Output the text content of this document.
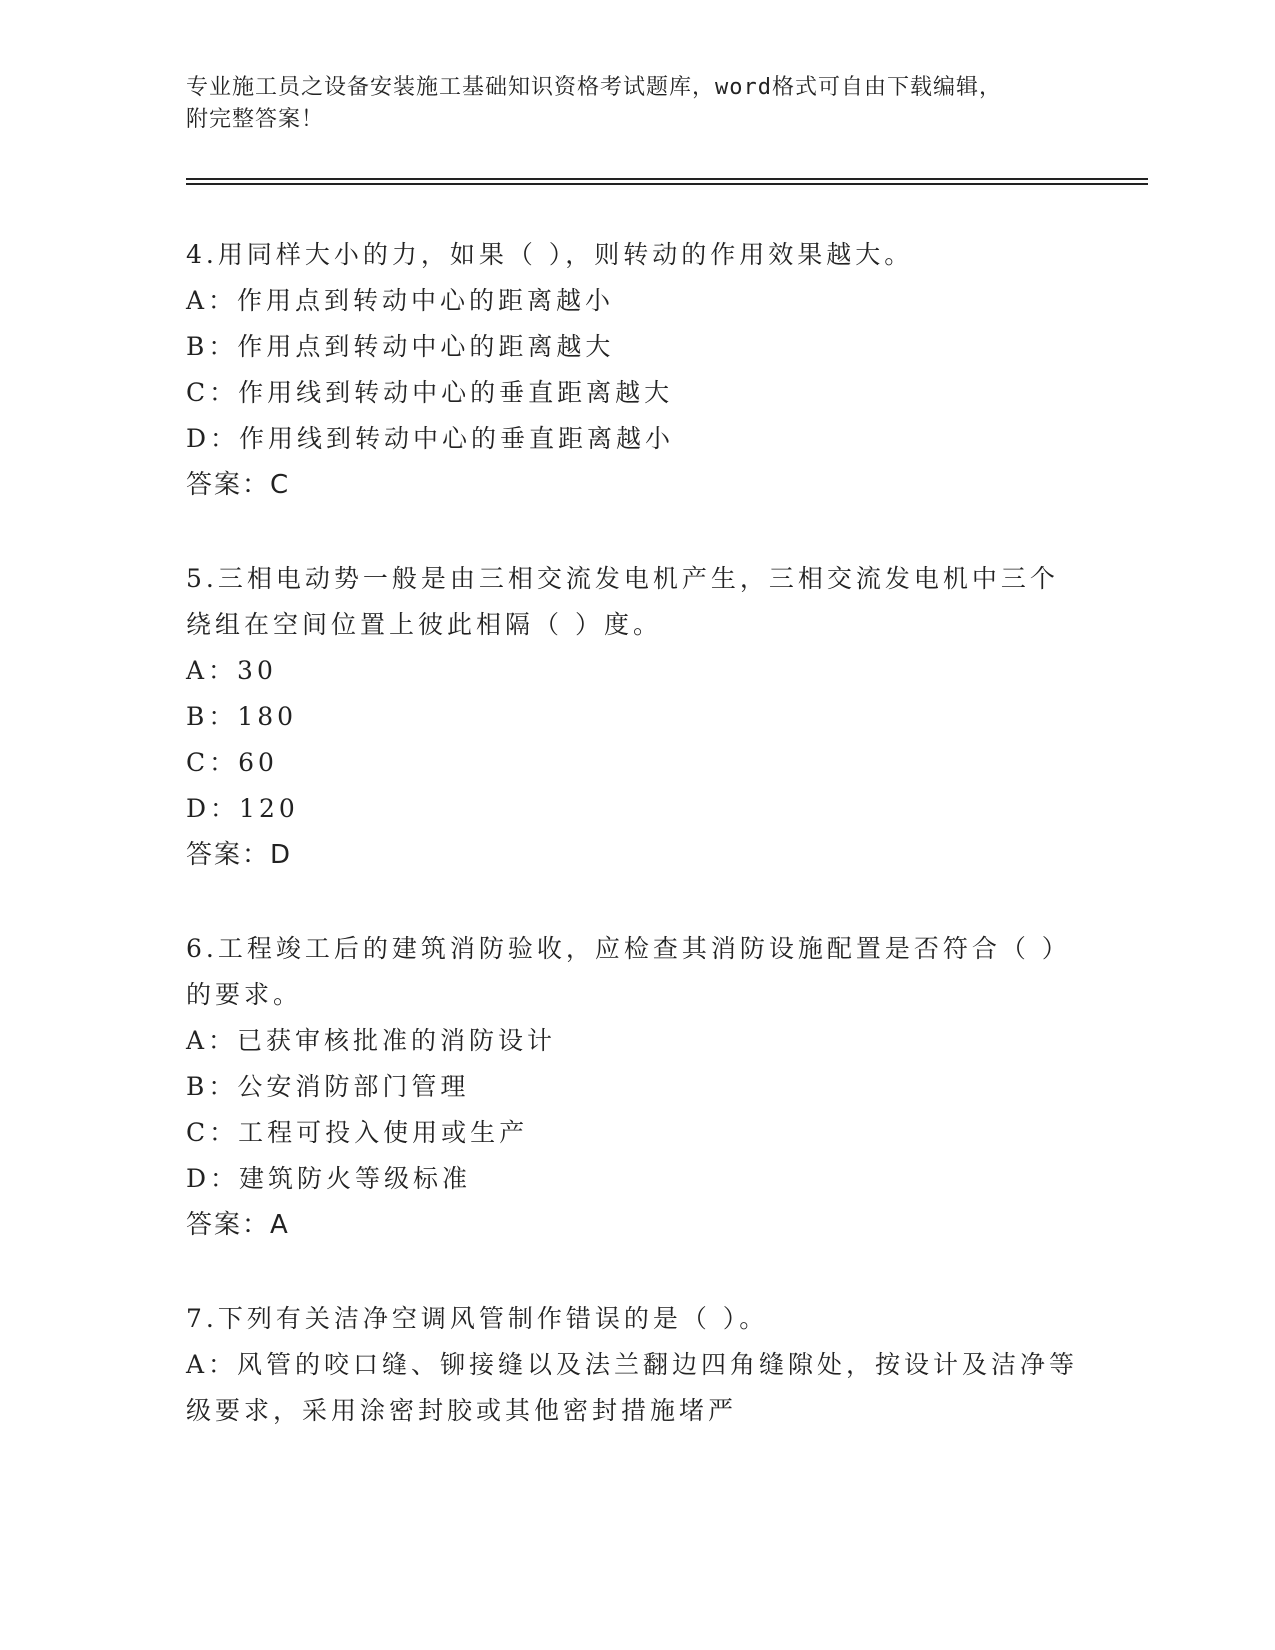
专业施工员之设备安装施工基础知识资格考试题库，word格式可自由下载编辑，
附完整答案！
4.用同样大小的力，如果（ ），则转动的作用效果越大。
A：作用点到转动中心的距离越小
B：作用点到转动中心的距离越大
C：作用线到转动中心的垂直距离越大
D：作用线到转动中心的垂直距离越小
答案：C
5.三相电动势一般是由三相交流发电机产生，三相交流发电机中三个
绕组在空间位置上彼此相隔（ ）度。
A：30
B：180
C：60
D：120
答案：D
6.工程竣工后的建筑消防验收，应检查其消防设施配置是否符合（ ）
的要求。
A：已获审核批准的消防设计
B：公安消防部门管理
C：工程可投入使用或生产
D：建筑防火等级标准
答案：A
7.下列有关洁净空调风管制作错误的是（ ）。
A：风管的咬口缝、铆接缝以及法兰翻边四角缝隙处，按设计及洁净等
级要求，采用涂密封胶或其他密封措施堵严
